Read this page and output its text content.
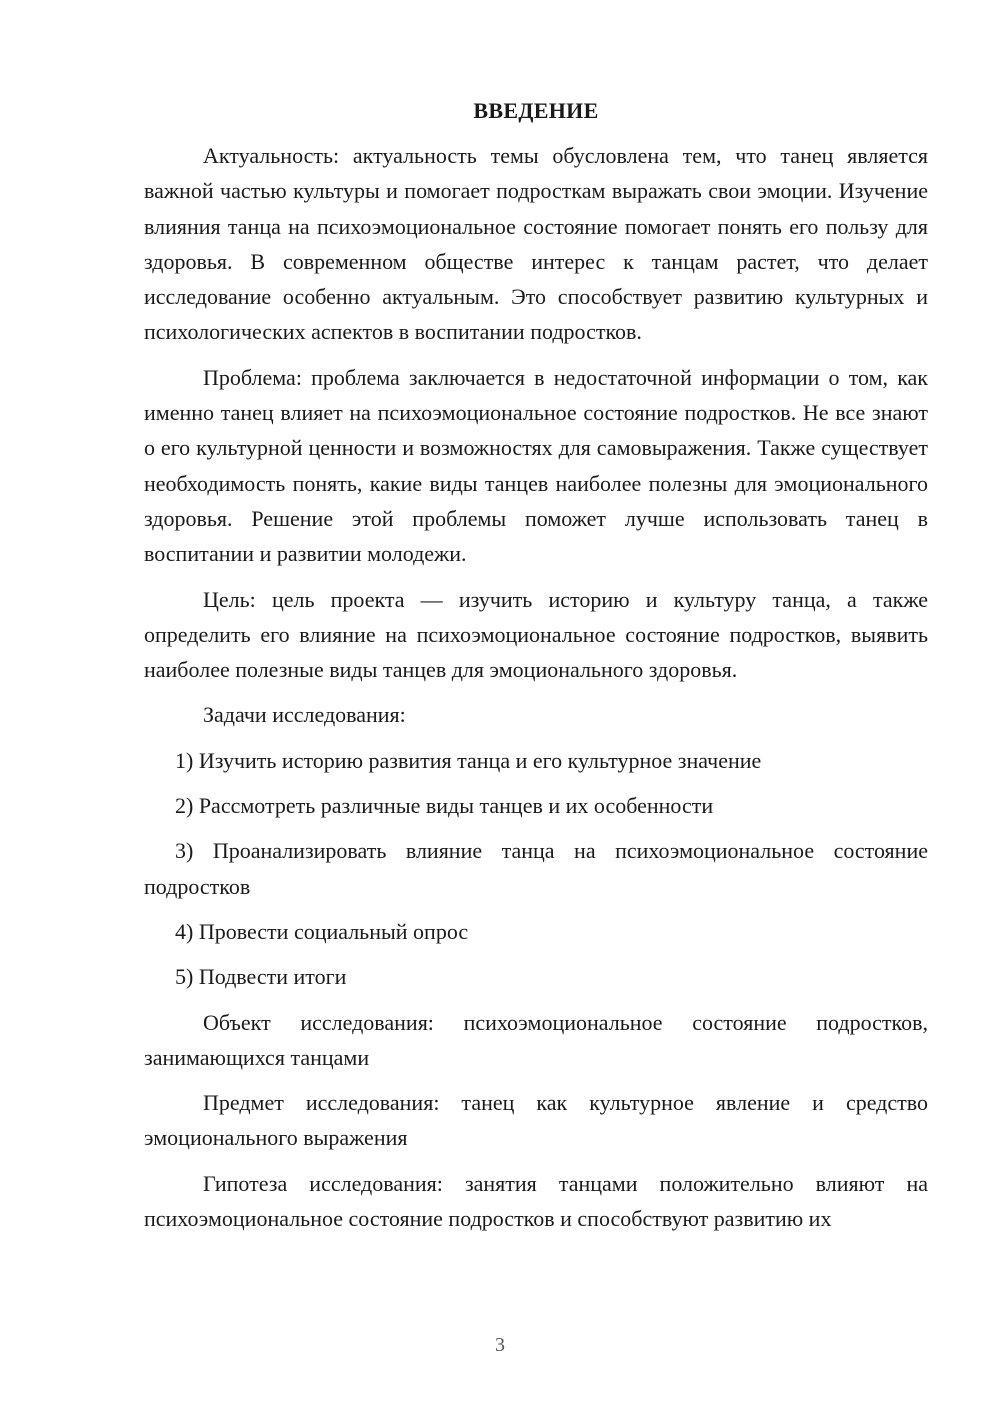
ВВЕДЕНИЕ

Актуальность: актуальность темы обусловлена тем, что танец является важной частью культуры и помогает подросткам выражать свои эмоции. Изучение влияния танца на психоэмоциональное состояние помогает понять его пользу для здоровья. В современном обществе интерес к танцам растет, что делает исследование особенно актуальным. Это способствует развитию культурных и психологических аспектов в воспитании подростков.

Проблема: проблема заключается в недостаточной информации о том, как именно танец влияет на психоэмоциональное состояние подростков. Не все знают о его культурной ценности и возможностях для самовыражения. Также существует необходимость понять, какие виды танцев наиболее полезны для эмоционального здоровья. Решение этой проблемы поможет лучше использовать танец в воспитании и развитии молодежи.

Цель: цель проекта — изучить историю и культуру танца, а также определить его влияние на психоэмоциональное состояние подростков, выявить наиболее полезные виды танцев для эмоционального здоровья.

Задачи исследования:

1) Изучить историю развития танца и его культурное значение

2) Рассмотреть различные виды танцев и их особенности

3) Проанализировать влияние танца на психоэмоциональное состояние подростков

4) Провести социальный опрос

5) Подвести итоги

Объект исследования: психоэмоциональное состояние подростков, занимающихся танцами

Предмет исследования: танец как культурное явление и средство эмоционального выражения

Гипотеза исследования: занятия танцами положительно влияют на психоэмоциональное состояние подростков и способствуют развитию их

3
